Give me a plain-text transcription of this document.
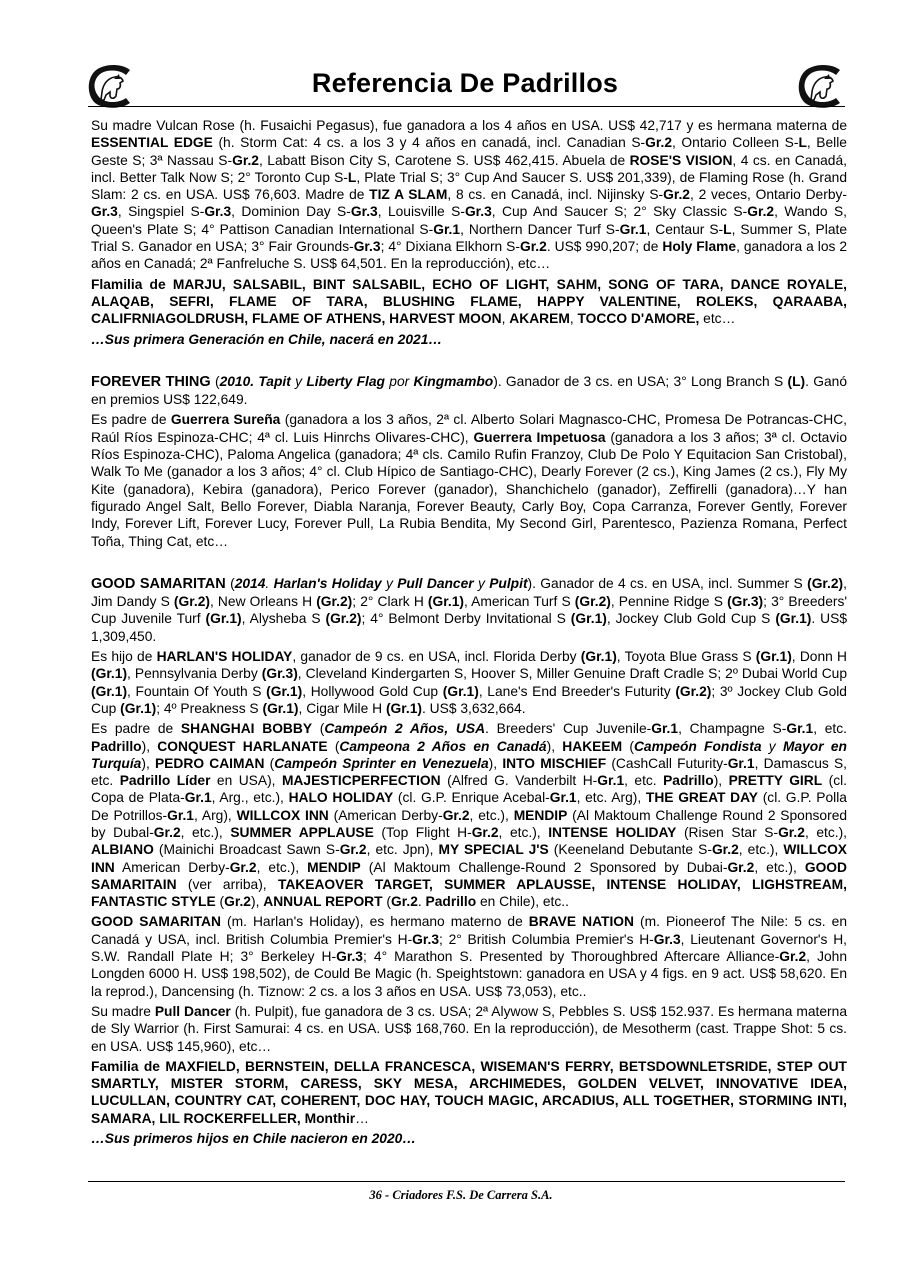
Referencia De Padrillos

Su madre Vulcan Rose (h. Fusaichi Pegasus), fue ganadora a los 4 años en USA. US$ 42,717 y es hermana materna de ESSENTIAL EDGE (h. Storm Cat: 4 cs. a los 3 y 4 años en canadá, incl. Canadian S-Gr.2, Ontario Colleen S-L, Belle Geste S; 3ª Nassau S-Gr.2, Labatt Bison City S, Carotene S. US$ 462,415. Abuela de ROSE'S VISION, 4 cs. en Canadá, incl. Better Talk Now S; 2° Toronto Cup S-L, Plate Trial S; 3° Cup And Saucer S. US$ 201,339), de Flaming Rose (h. Grand Slam: 2 cs. en USA. US$ 76,603. Madre de TIZ A SLAM, 8 cs. en Canadá, incl. Nijinsky S-Gr.2, 2 veces, Ontario Derby-Gr.3, Singspiel S-Gr.3, Dominion Day S-Gr.3, Louisville S-Gr.3, Cup And Saucer S; 2° Sky Classic S-Gr.2, Wando S, Queen's Plate S; 4° Pattison Canadian International S-Gr.1, Northern Dancer Turf S-Gr.1, Centaur S-L, Summer S, Plate Trial S. Ganador en USA; 3° Fair Grounds-Gr.3; 4° Dixiana Elkhorn S-Gr.2. US$ 990,207; de Holy Flame, ganadora a los 2 años en Canadá; 2ª Fanfreluche S. US$ 64,501. En la reproducción), etc…

Flamilia de MARJU, SALSABIL, BINT SALSABIL, ECHO OF LIGHT, SAHM, SONG OF TARA, DANCE ROYALE, ALAQAB, SEFRI, FLAME OF TARA, BLUSHING FLAME, HAPPY VALENTINE, ROLEKS, QARAABA, CALIFRNIAGOLDRUSH, FLAME OF ATHENS, HARVEST MOON, AKAREM, TOCCO D'AMORE, etc…

…Sus primera Generación en Chile, nacerá en 2021…

FOREVER THING (2010. Tapit y Liberty Flag por Kingmambo). Ganador de 3 cs. en USA; 3° Long Branch S (L). Ganó en premios US$ 122,649.

Es padre de Guerrera Sureña (ganadora a los 3 años, 2ª cl. Alberto Solari Magnasco-CHC, Promesa De Potrancas-CHC, Raúl Ríos Espinoza-CHC; 4ª cl. Luis Hinrchs Olivares-CHC), Guerrera Impetuosa (ganadora a los 3 años; 3ª cl. Octavio Ríos Espinoza-CHC), Paloma Angelica (ganadora; 4ª cls. Camilo Rufin Franzoy, Club De Polo Y Equitacion San Cristobal), Walk To Me (ganador a los 3 años; 4° cl. Club Hípico de Santiago-CHC), Dearly Forever (2 cs.), King James (2 cs.), Fly My Kite (ganadora), Kebira (ganadora), Perico Forever (ganador), Shanchichelo (ganador), Zeffirelli (ganadora)…Y han figurado Angel Salt, Bello Forever, Diabla Naranja, Forever Beauty, Carly Boy, Copa Carranza, Forever Gently, Forever Indy, Forever Lift, Forever Lucy, Forever Pull, La Rubia Bendita, My Second Girl, Parentesco, Pazienza Romana, Perfect Toña, Thing Cat, etc…

GOOD SAMARITAN (2014. Harlan's Holiday y Pull Dancer y Pulpit). Ganador de 4 cs. en USA, incl. Summer S (Gr.2), Jim Dandy S (Gr.2), New Orleans H (Gr.2); 2° Clark H (Gr.1), American Turf S (Gr.2), Pennine Ridge S (Gr.3); 3° Breeders' Cup Juvenile Turf (Gr.1), Alysheba S (Gr.2); 4° Belmont Derby Invitational S (Gr.1), Jockey Club Gold Cup S (Gr.1). US$ 1,309,450.

Es hijo de HARLAN'S HOLIDAY, ganador de 9 cs. en USA, incl. Florida Derby (Gr.1), Toyota Blue Grass S (Gr.1), Donn H (Gr.1), Pennsylvania Derby (Gr.3), Cleveland Kindergarten S, Hoover S, Miller Genuine Draft Cradle S; 2º Dubai World Cup (Gr.1), Fountain Of Youth S (Gr.1), Hollywood Gold Cup (Gr.1), Lane's End Breeder's Futurity (Gr.2); 3º Jockey Club Gold Cup (Gr.1); 4º Preakness S (Gr.1), Cigar Mile H (Gr.1). US$ 3,632,664.

Es padre de SHANGHAI BOBBY (Campeón 2 Años, USA. Breeders' Cup Juvenile-Gr.1, Champagne S-Gr.1, etc. Padrillo), CONQUEST HARLANATE (Campeona 2 Años en Canadá), HAKEEM (Campeón Fondista y Mayor en Turquía), PEDRO CAIMAN (Campeón Sprinter en Venezuela), INTO MISCHIEF (CashCall Futurity-Gr.1, Damascus S, etc. Padrillo Líder en USA), MAJESTICPERFECTION (Alfred G. Vanderbilt H-Gr.1, etc. Padrillo), PRETTY GIRL (cl. Copa de Plata-Gr.1, Arg., etc.), HALO HOLIDAY (cl. G.P. Enrique Acebal-Gr.1, etc. Arg), THE GREAT DAY (cl. G.P. Polla De Potrillos-Gr.1, Arg), WILLCOX INN (American Derby-Gr.2, etc.), MENDIP (Al Maktoum Challenge Round 2 Sponsored by Dubal-Gr.2, etc.), SUMMER APPLAUSE (Top Flight H-Gr.2, etc.), INTENSE HOLIDAY (Risen Star S-Gr.2, etc.), ALBIANO (Mainichi Broadcast Sawn S-Gr.2, etc. Jpn), MY SPECIAL J'S (Keeneland Debutante S-Gr.2, etc.), WILLCOX INN American Derby-Gr.2, etc.), MENDIP (Al Maktoum Challenge-Round 2 Sponsored by Dubai-Gr.2, etc.), GOOD SAMARITAIN (ver arriba), TAKEAOVER TARGET, SUMMER APLAUSSE, INTENSE HOLIDAY, LIGHSTREAM, FANTASTIC STYLE (Gr.2), ANNUAL REPORT (Gr.2. Padrillo en Chile), etc..

GOOD SAMARITAN (m. Harlan's Holiday), es hermano materno de BRAVE NATION (m. Pioneerof The Nile: 5 cs. en Canadá y USA, incl. British Columbia Premier's H-Gr.3; 2° British Columbia Premier's H-Gr.3, Lieutenant Governor's H, S.W. Randall Plate H; 3° Berkeley H-Gr.3; 4° Marathon S. Presented by Thoroughbred Aftercare Alliance-Gr.2, John Longden 6000 H. US$ 198,502), de Could Be Magic (h. Speightstown: ganadora en USA y 4 figs. en 9 act. US$ 58,620. En la reprod.), Dancensing (h. Tiznow: 2 cs. a los 3 años en USA. US$ 73,053), etc..

Su madre Pull Dancer (h. Pulpit), fue ganadora de 3 cs. USA; 2ª Alywow S, Pebbles S. US$ 152.937. Es hermana materna de Sly Warrior (h. First Samurai: 4 cs. en USA. US$ 168,760. En la reproducción), de Mesotherm (cast. Trappe Shot: 5 cs. en USA. US$ 145,960), etc…

Familia de MAXFIELD, BERNSTEIN, DELLA FRANCESCA, WISEMAN'S FERRY, BETSDOWNLETSRIDE, STEP OUT SMARTLY, MISTER STORM, CARESS, SKY MESA, ARCHIMEDES, GOLDEN VELVET, INNOVATIVE IDEA, LUCULLAN, COUNTRY CAT, COHERENT, DOC HAY, TOUCH MAGIC, ARCADIUS, ALL TOGETHER, STORMING INTI, SAMARA, LIL ROCKERFELLER, Monthir…

…Sus primeros hijos en Chile nacieron en 2020…

36 - Criadores F.S. De Carrera S.A.
